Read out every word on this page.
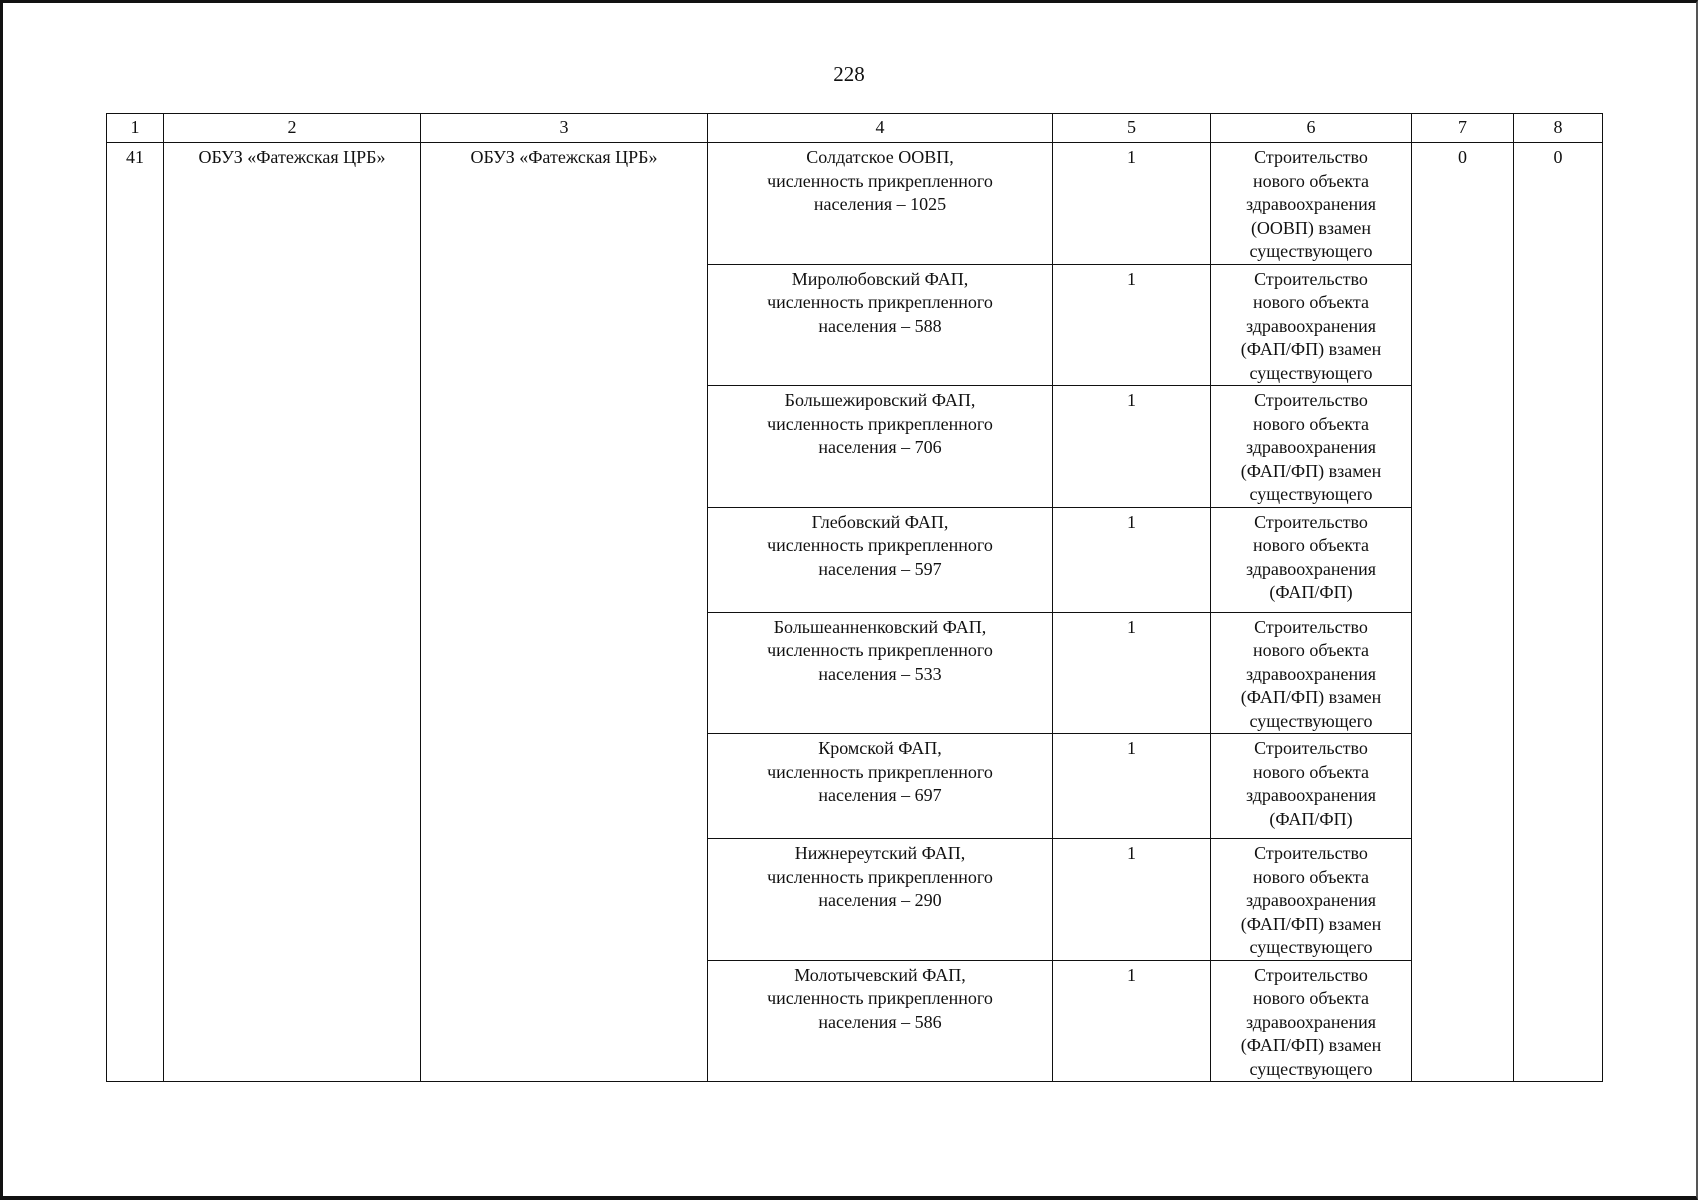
228
1	2	3	4	5	6	7	8
41	ОБУЗ «Фатежская ЦРБ»	ОБУЗ «Фатежская ЦРБ»	Солдатское ООВП,
численность прикрепленного
населения – 1025	1	Строительство
нового объекта
здравоохранения
(ООВП) взамен
существующего	0	0

			Миролюбовский ФАП,
численность прикрепленного
населения – 588	1	Строительство
нового объекта
здравоохранения
(ФАП/ФП) взамен
существующего		

			Большежировский ФАП,
численность прикрепленного
населения – 706	1	Строительство
нового объекта
здравоохранения
(ФАП/ФП) взамен
существующего		

			Глебовский ФАП,
численность прикрепленного
населения – 597	1	Строительство
нового объекта
здравоохранения
(ФАП/ФП)		

			Большеанненковский ФАП,
численность прикрепленного
населения – 533	1	Строительство
нового объекта
здравоохранения
(ФАП/ФП) взамен
существующего		

			Кромской ФАП,
численность прикрепленного
населения – 697	1	Строительство
нового объекта
здравоохранения
(ФАП/ФП)		

			Нижнереутский ФАП,
численность прикрепленного
населения – 290	1	Строительство
нового объекта
здравоохранения
(ФАП/ФП) взамен
существующего		

			Молотычевский ФАП,
численность прикрепленного
населения – 586	1	Строительство
нового объекта
здравоохранения
(ФАП/ФП) взамен
существующего		
